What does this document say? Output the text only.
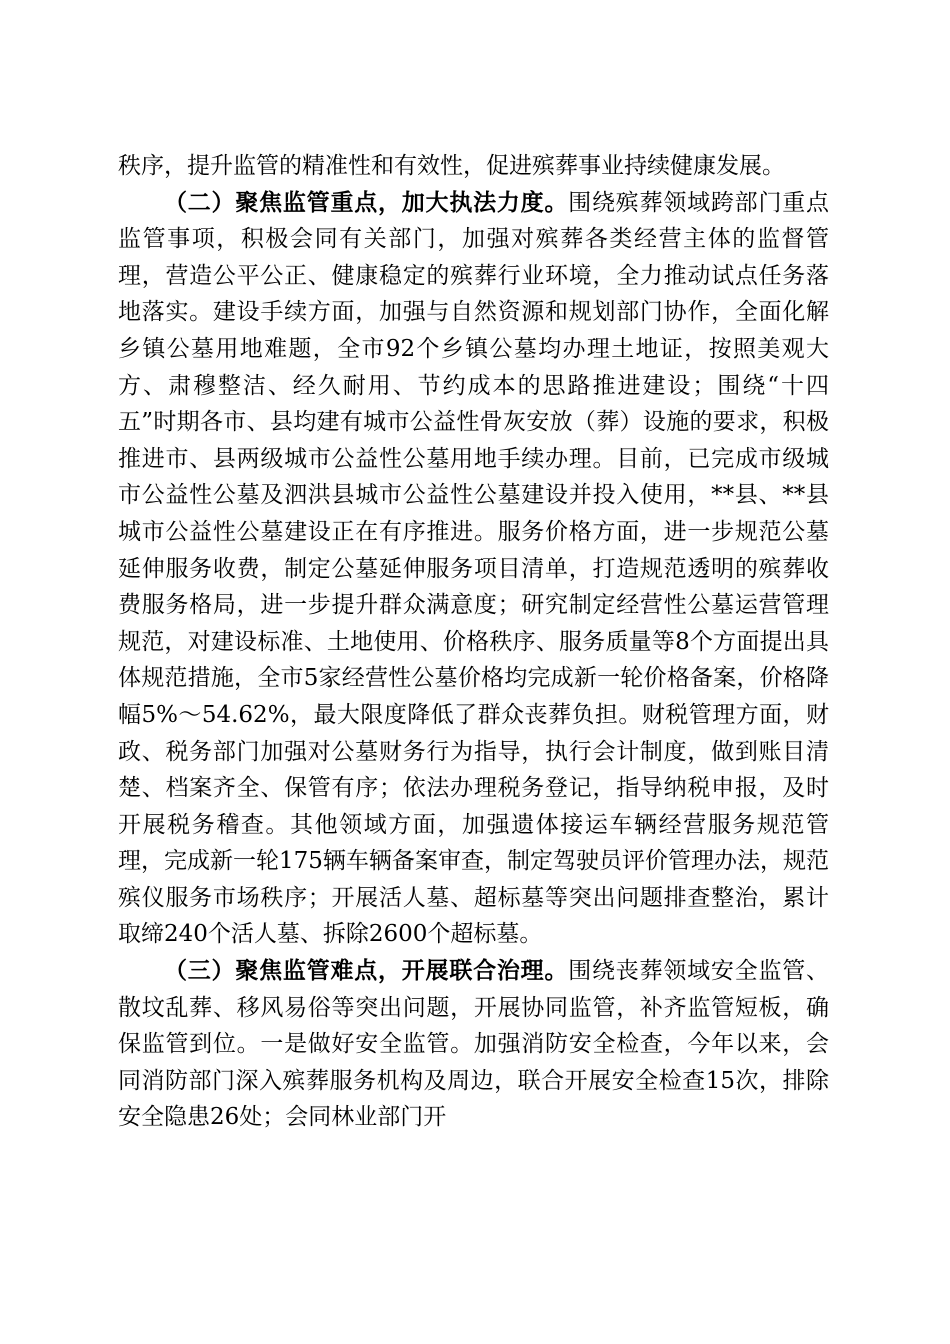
秩序，提升监管的精准性和有效性，促进殡葬事业持续健康发展。

（二）聚焦监管重点，加大执法力度。围绕殡葬领域跨部门重点监管事项，积极会同有关部门，加强对殡葬各类经营主体的监督管理，营造公平公正、健康稳定的殡葬行业环境，全力推动试点任务落地落实。建设手续方面，加强与自然资源和规划部门协作，全面化解乡镇公墓用地难题，全市92个乡镇公墓均办理土地证，按照美观大方、肃穆整洁、经久耐用、节约成本的思路推进建设；围绕“十四五”时期各市、县均建有城市公益性骨灰安放（葬）设施的要求，积极推进市、县两级城市公益性公墓用地手续办理。目前，已完成市级城市公益性公墓及泗洪县城市公益性公墓建设并投入使用，**县、**县城市公益性公墓建设正在有序推进。服务价格方面，进一步规范公墓延伸服务收费，制定公墓延伸服务项目清单，打造规范透明的殡葬收费服务格局，进一步提升群众满意度；研究制定经营性公墓运营管理规范，对建设标准、土地使用、价格秩序、服务质量等8个方面提出具体规范措施，全市5家经营性公墓价格均完成新一轮价格备案，价格降幅5%～54.62%，最大限度降低了群众丧葬负担。财税管理方面，财政、税务部门加强对公墓财务行为指导，执行会计制度，做到账目清楚、档案齐全、保管有序；依法办理税务登记，指导纳税申报，及时开展税务稽查。其他领域方面，加强遗体接运车辆经营服务规范管理，完成新一轮175辆车辆备案审查，制定驾驶员评价管理办法，规范殡仪服务市场秩序；开展活人墓、超标墓等突出问题排查整治，累计取缔240个活人墓、拆除2600个超标墓。

（三）聚焦监管难点，开展联合治理。围绕丧葬领域安全监管、散坟乱葬、移风易俗等突出问题，开展协同监管，补齐监管短板，确保监管到位。一是做好安全监管。加强消防安全检查，今年以来，会同消防部门深入殡葬服务机构及周边，联合开展安全检查15次，排除安全隐患26处；会同林业部门开
